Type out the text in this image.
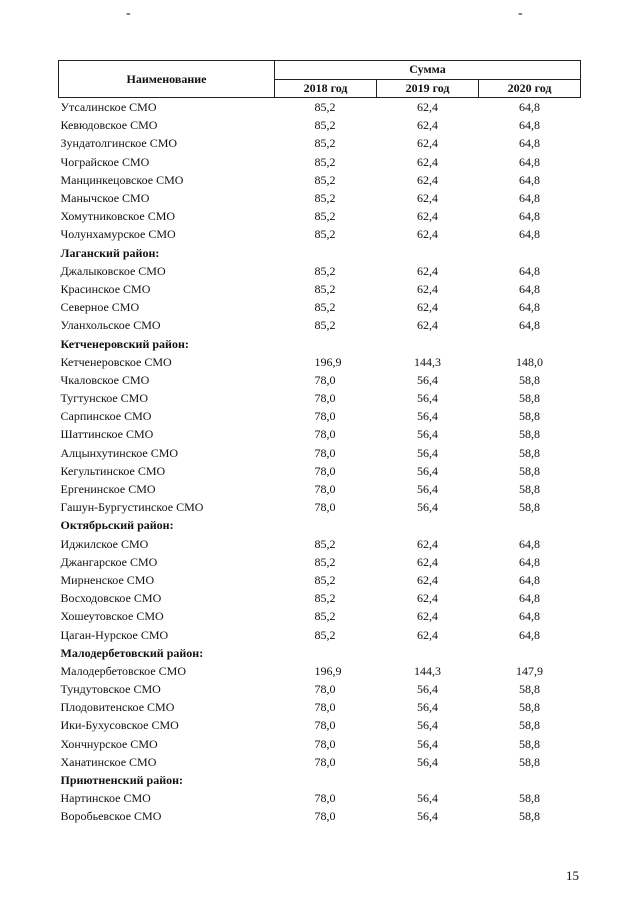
-	-
Наименование	Сумма		
	2018 год	2019 год	2020 год
Утсалинское СМО	85,2	62,4	64,8
Кевюдовское СМО	85,2	62,4	64,8
Зундатолгинское СМО	85,2	62,4	64,8
Чограйское СМО	85,2	62,4	64,8
Манцинкецовское СМО	85,2	62,4	64,8
Манычское СМО	85,2	62,4	64,8
Хомутниковское СМО	85,2	62,4	64,8
Чолунхамурское СМО	85,2	62,4	64,8
Лаганский район:			
Джалыковское СМО	85,2	62,4	64,8
Красинское СМО	85,2	62,4	64,8
Северное СМО	85,2	62,4	64,8
Уланхольское СМО	85,2	62,4	64,8
Кетченеровский район:			
Кетченеровское СМО	196,9	144,3	148,0
Чкаловское СМО	78,0	56,4	58,8
Тугтунское СМО	78,0	56,4	58,8
Сарпинское СМО	78,0	56,4	58,8
Шаттинское СМО	78,0	56,4	58,8
Алцынхутинское СМО	78,0	56,4	58,8
Кегультинское СМО	78,0	56,4	58,8
Ергенинское СМО	78,0	56,4	58,8
Гашун-Бургустинское СМО	78,0	56,4	58,8
Октябрьский район:			
Иджилское СМО	85,2	62,4	64,8
Джангарское СМО	85,2	62,4	64,8
Мирненское СМО	85,2	62,4	64,8
Восходовское СМО	85,2	62,4	64,8
Хошеутовское СМО	85,2	62,4	64,8
Цаган-Нурское СМО	85,2	62,4	64,8
Малодербетовский район:			
Малодербетовское СМО	196,9	144,3	147,9
Тундутовское СМО	78,0	56,4	58,8
Плодовитенское СМО	78,0	56,4	58,8
Ики-Бухусовское СМО	78,0	56,4	58,8
Хончнурское СМО	78,0	56,4	58,8
Ханатинское СМО	78,0	56,4	58,8
Приютненский район:			
Нартинское СМО	78,0	56,4	58,8
Воробьевское СМО	78,0	56,4	58,8
15
